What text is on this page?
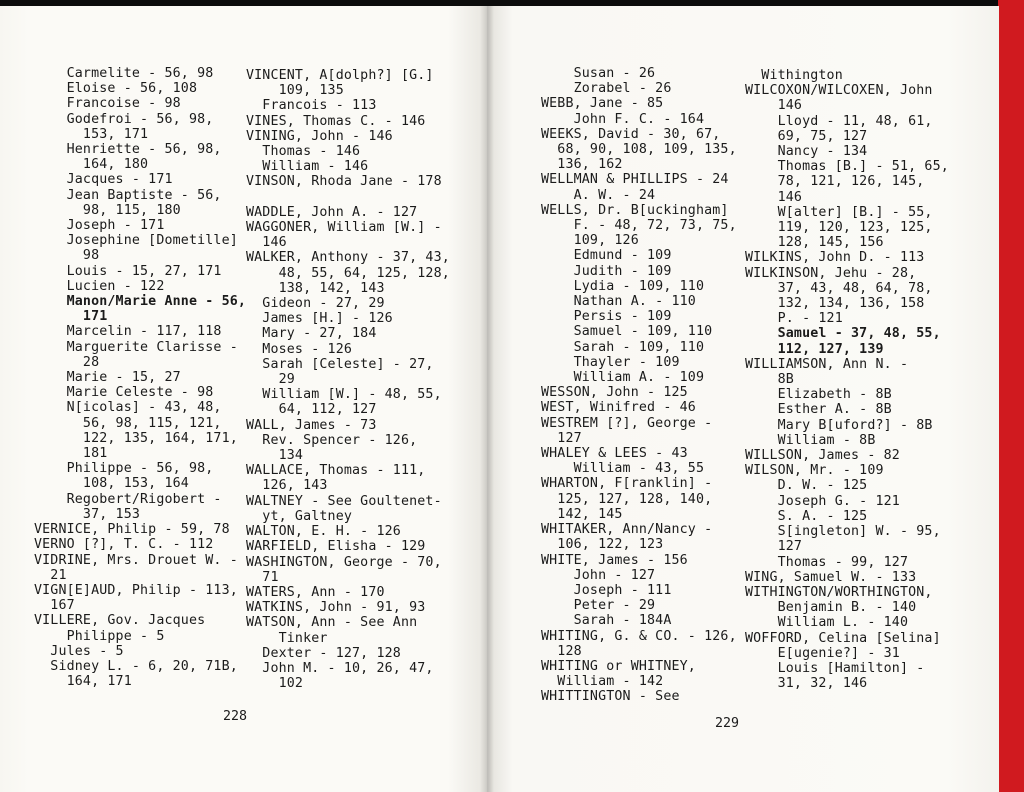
Carmelite - 56, 98
Eloise - 56, 108
Francoise - 98
Godefroi - 56, 98,
153, 171
Henriette - 56, 98,
164, 180
Jacques - 171
Jean Baptiste - 56,
98, 115, 180
Joseph - 171
Josephine [Dometille]
98
Louis - 15, 27, 171
Lucien - 122
Manon/Marie Anne - 56,
171
Marcelin - 117, 118
Marguerite Clarisse -
28
Marie - 15, 27
Marie Celeste - 98
N[icolas] - 43, 48,
56, 98, 115, 121,
122, 135, 164, 171,
181
Philippe - 56, 98,
108, 153, 164
Regobert/Rigobert -
37, 153
VERNICE, Philip - 59, 78
VERNO [?], T. C. - 112
VIDRINE, Mrs. Drouet W. -
21
VIGN[E]AUD, Philip - 113,
167
VILLERE, Gov. Jacques
Philippe - 5
Jules - 5
Sidney L. - 6, 20, 71B,
164, 171
VINCENT, A[dolph?] [G.]
109, 135
Francois - 113
VINES, Thomas C. - 146
VINING, John - 146
Thomas - 146
William - 146
VINSON, Rhoda Jane - 178

WADDLE, John A. - 127
WAGGONER, William [W.] -
146
WALKER, Anthony - 37, 43,
48, 55, 64, 125, 128,
138, 142, 143
Gideon - 27, 29
James [H.] - 126
Mary - 27, 184
Moses - 126
Sarah [Celeste] - 27,
29
William [W.] - 48, 55,
64, 112, 127
WALL, James - 73
Rev. Spencer - 126,
134
WALLACE, Thomas - 111,
126, 143
WALTNEY - See Goultenet-
yt, Galtney
WALTON, E. H. - 126
WARFIELD, Elisha - 129
WASHINGTON, George - 70,
71
WATERS, Ann - 170
WATKINS, John - 91, 93
WATSON, Ann - See Ann
Tinker
Dexter - 127, 128
John M. - 10, 26, 47,
102
228
Susan - 26
Zorabel - 26
WEBB, Jane - 85
John F. C. - 164
WEEKS, David - 30, 67,
68, 90, 108, 109, 135,
136, 162
WELLMAN & PHILLIPS - 24
A. W. - 24
WELLS, Dr. B[uckingham]
F. - 48, 72, 73, 75,
109, 126
Edmund - 109
Judith - 109
Lydia - 109, 110
Nathan A. - 110
Persis - 109
Samuel - 109, 110
Sarah - 109, 110
Thayler - 109
William A. - 109
WESSON, John - 125
WEST, Winifred - 46
WESTREM [?], George -
127
WHALEY & LEES - 43
William - 43, 55
WHARTON, F[ranklin] -
125, 127, 128, 140,
142, 145
WHITAKER, Ann/Nancy -
106, 122, 123
WHITE, James - 156
John - 127
Joseph - 111
Peter - 29
Sarah - 184A
WHITING, G. & CO. - 126,
128
WHITING or WHITNEY,
William - 142
WHITTINGTON - See
Withington
WILCOXON/WILCOXEN, John
146
Lloyd - 11, 48, 61,
69, 75, 127
Nancy - 134
Thomas [B.] - 51, 65,
78, 121, 126, 145,
146
W[alter] [B.] - 55,
119, 120, 123, 125,
128, 145, 156
WILKINS, John D. - 113
WILKINSON, Jehu - 28,
37, 43, 48, 64, 78,
132, 134, 136, 158
P. - 121
Samuel - 37, 48, 55,
112, 127, 139
WILLIAMSON, Ann N. -
8B
Elizabeth - 8B
Esther A. - 8B
Mary B[uford?] - 8B
William - 8B
WILLSON, James - 82
WILSON, Mr. - 109
D. W. - 125
Joseph G. - 121
S. A. - 125
S[ingleton] W. - 95,
127
Thomas - 99, 127
WING, Samuel W. - 133
WITHINGTON/WORTHINGTON,
Benjamin B. - 140
William L. - 140
WOFFORD, Celina [Selina]
E[ugenie?] - 31
Louis [Hamilton] -
31, 32, 146
229
